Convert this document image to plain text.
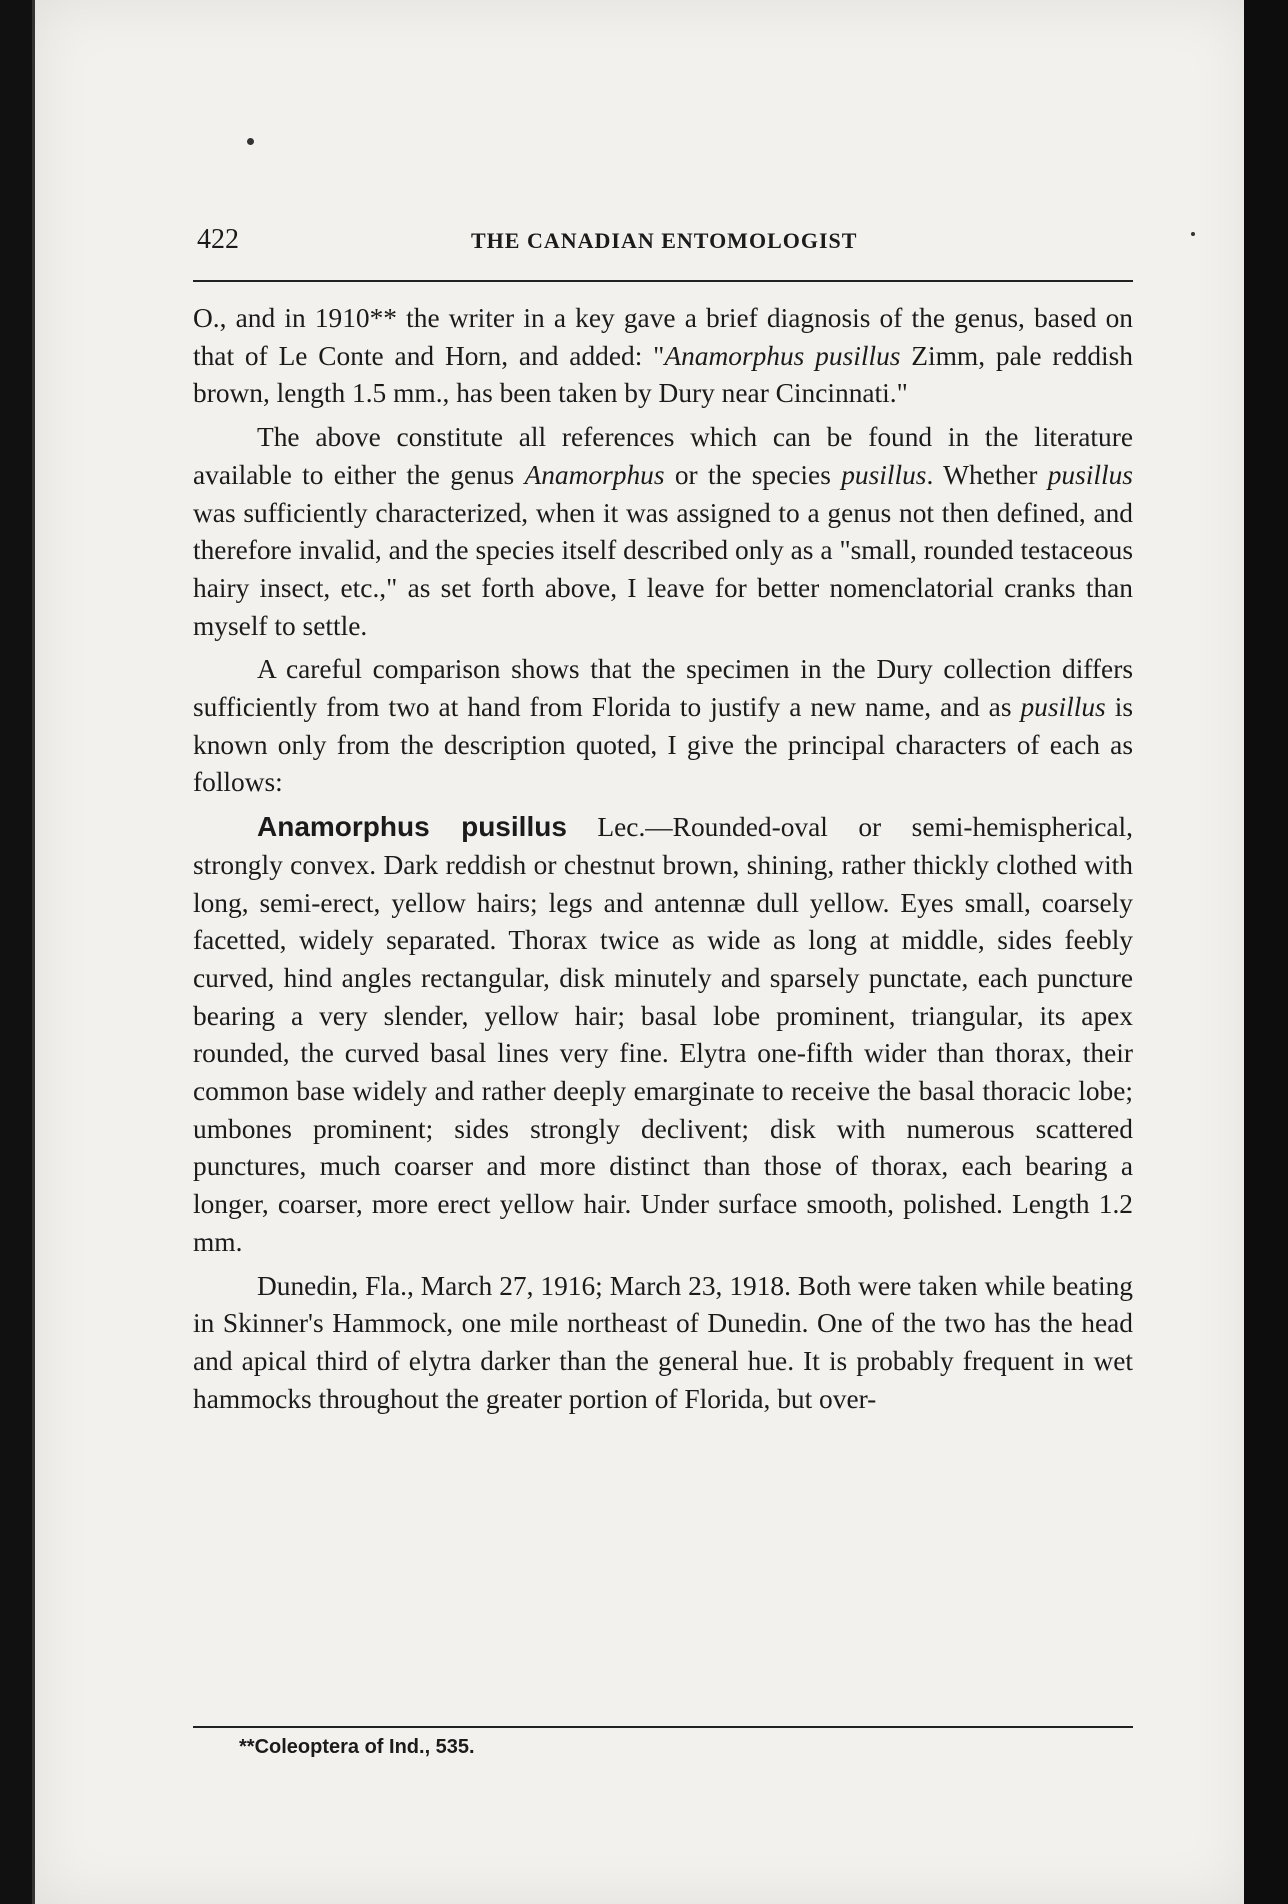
422	THE CANADIAN ENTOMOLOGIST

O., and in 1910** the writer in a key gave a brief diagnosis of the genus, based on that of Le Conte and Horn, and added: "Anamorphus pusillus Zimm, pale reddish brown, length 1.5 mm., has been taken by Dury near Cincinnati."

The above constitute all references which can be found in the literature available to either the genus Anamorphus or the species pusillus. Whether pusillus was sufficiently characterized, when it was assigned to a genus not then defined, and therefore invalid, and the species itself described only as a "small, rounded testaceous hairy insect, etc.," as set forth above, I leave for better nomenclatorial cranks than myself to settle.

A careful comparison shows that the specimen in the Dury collection differs sufficiently from two at hand from Florida to justify a new name, and as pusillus is known only from the description quoted, I give the principal characters of each as follows:

Anamorphus pusillus Lec.—Rounded-oval or semi-hemispherical, strongly convex. Dark reddish or chestnut brown, shining, rather thickly clothed with long, semi-erect, yellow hairs; legs and antennæ dull yellow. Eyes small, coarsely facetted, widely separated. Thorax twice as wide as long at middle, sides feebly curved, hind angles rectangular, disk minutely and sparsely punctate, each puncture bearing a very slender, yellow hair; basal lobe prominent, triangular, its apex rounded, the curved basal lines very fine. Elytra one-fifth wider than thorax, their common base widely and rather deeply emarginate to receive the basal thoracic lobe; umbones prominent; sides strongly declivent; disk with numerous scattered punctures, much coarser and more distinct than those of thorax, each bearing a longer, coarser, more erect yellow hair. Under surface smooth, polished. Length 1.2 mm.

Dunedin, Fla., March 27, 1916; March 23, 1918. Both were taken while beating in Skinner's Hammock, one mile northeast of Dunedin. One of the two has the head and apical third of elytra darker than the general hue. It is probably frequent in wet hammocks throughout the greater portion of Florida, but over-

**Coleoptera of Ind., 535.
